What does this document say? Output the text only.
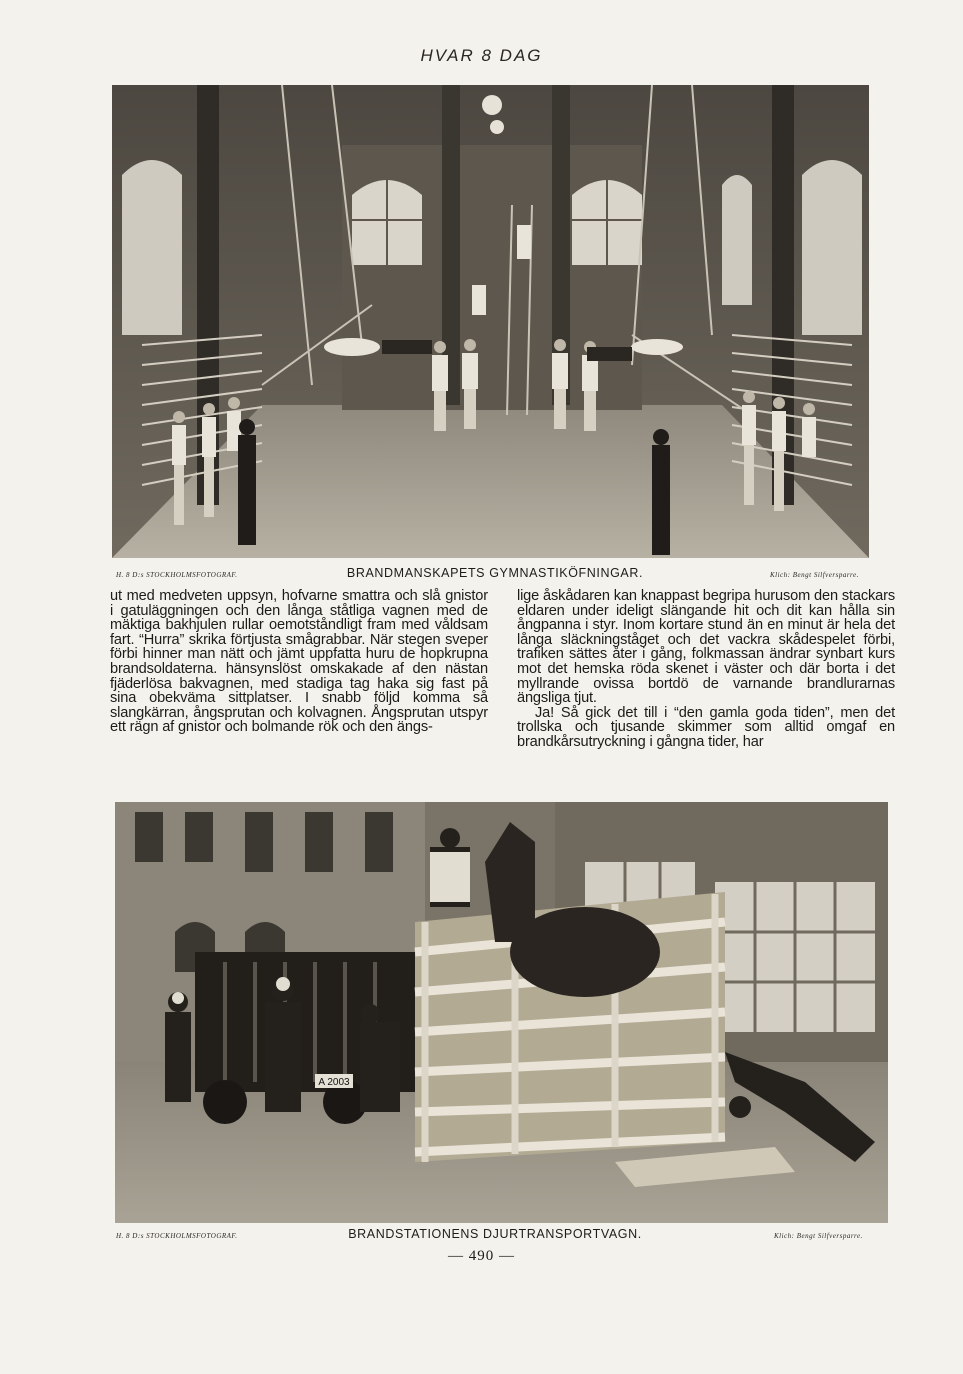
HVAR 8 DAG
H. 8 D:s STOCKHOLMSFOTOGRAF.	BRANDMANSKAPETS GYMNASTIKÖFNINGAR.	Klich: Bengt Silfversparre.

ut med medveten uppsyn, hofvarne smattra och slå gnistor i gatuläggningen och den långa ståtliga vagnen med de mäktiga bakhjulen rullar oemotståndligt fram med våldsam fart. “Hurra” skrika förtjusta smågrabbar. När stegen sveper förbi hinner man nätt och jämt uppfatta huru de hopkrupna brandsoldaterna. hänsynslöst omskakade af den nästan fjäderlösa bakvagnen, med stadiga tag haka sig fast på sina obekväma sittplatser. I snabb följd komma så slangkärran, ångsprutan och kolvagnen. Ångsprutan utspyr ett rägn af gnistor och bolmande rök och den ängs-

lige åskådaren kan knappast begripa hurusom den stackars eldaren under ideligt slängande hit och dit kan hålla sin ångpanna i styr. Inom kortare stund än en minut är hela det långa släckningståget och det vackra skådespelet förbi, trafiken sättes åter i gång, folkmassan ändrar synbart kurs mot det hemska röda skenet i väster och där borta i det myllrande ovissa bortdö de varnande brandlurarnas ängsliga tjut.

Ja! Så gick det till i “den gamla goda tiden”, men det trollska och tjusande skimmer som alltid omgaf en brandkårsutryckning i gångna tider, har

A 2003
H. 8 D:s STOCKHOLMSFOTOGRAF.	BRANDSTATIONENS DJURTRANSPORTVAGN.	Klich: Bengt Silfversparre.
— 490 —
